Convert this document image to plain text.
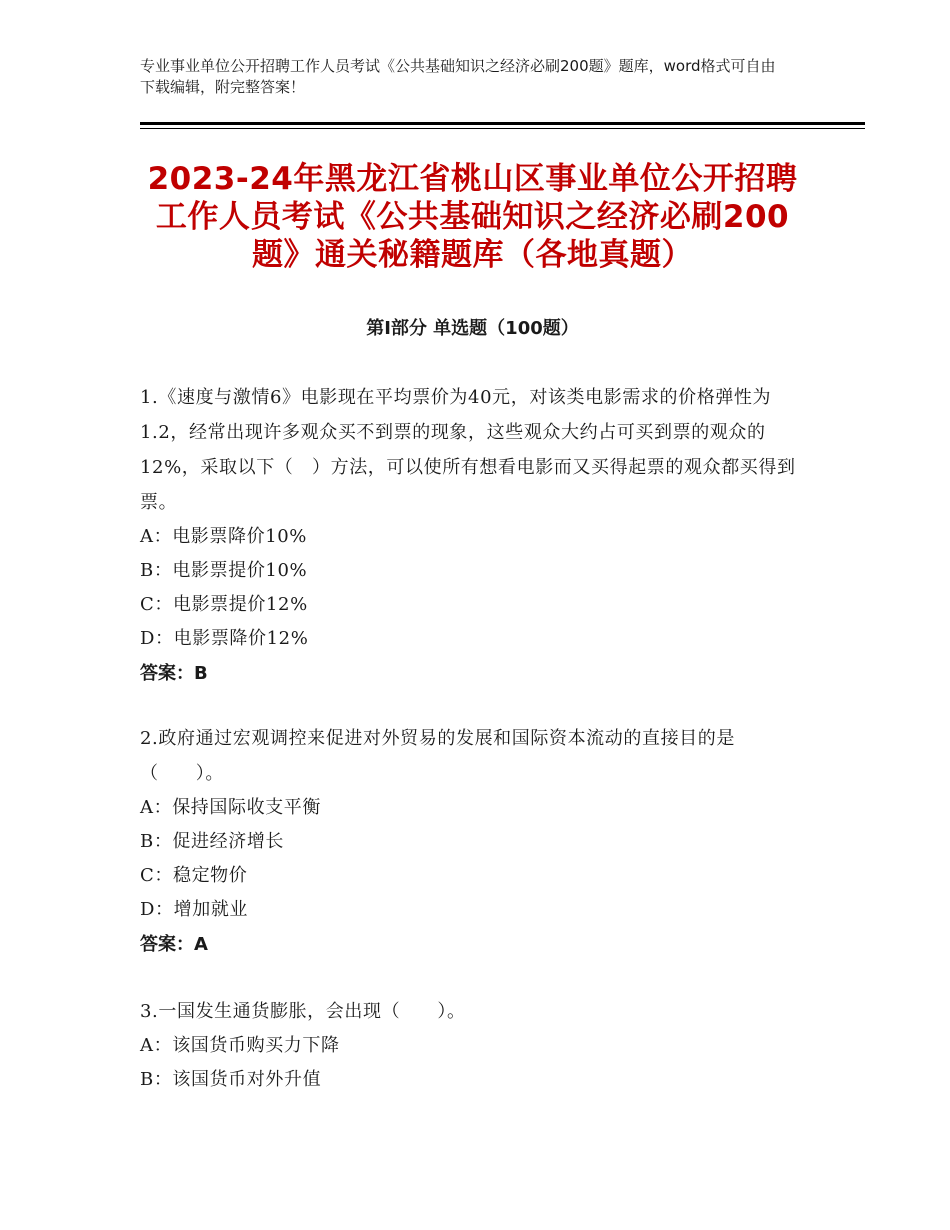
专业事业单位公开招聘工作人员考试《公共基础知识之经济必刷200题》题库，word格式可自由下载编辑，附完整答案！
2023-24年黑龙江省桃山区事业单位公开招聘工作人员考试《公共基础知识之经济必刷200题》通关秘籍题库（各地真题）
第Ⅰ部分 单选题（100题）

1.《速度与激情6》电影现在平均票价为40元，对该类电影需求的价格弹性为1.2，经常出现许多观众买不到票的现象，这些观众大约占可买到票的观众的12%，采取以下（　）方法，可以使所有想看电影而又买得起票的观众都买得到票。

A：电影票降价10%

B：电影票提价10%

C：电影票提价12%

D：电影票降价12%

答案：B

2.政府通过宏观调控来促进对外贸易的发展和国际资本流动的直接目的是（　　）。

A：保持国际收支平衡

B：促进经济增长

C：稳定物价

D：增加就业

答案：A

3.一国发生通货膨胀，会出现（　　）。

A：该国货币购买力下降

B：该国货币对外升值
